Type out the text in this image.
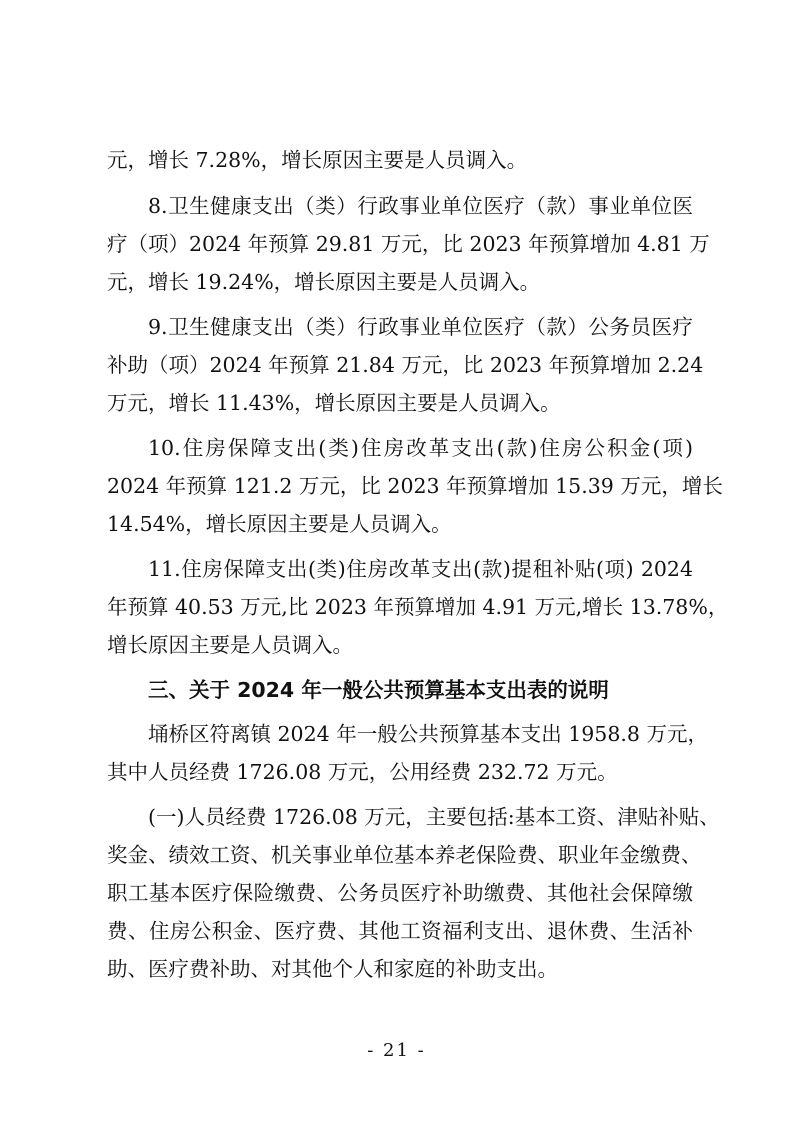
元，增长 7.28%，增长原因主要是人员调入。
8.卫生健康支出（类）行政事业单位医疗（款）事业单位医
疗（项）2024 年预算 29.81 万元，比 2023 年预算增加 4.81 万
元，增长 19.24%，增长原因主要是人员调入。
9.卫生健康支出（类）行政事业单位医疗（款）公务员医疗
补助（项）2024 年预算 21.84 万元，比 2023 年预算增加 2.24
万元，增长 11.43%，增长原因主要是人员调入。
10.住房保障支出(类)住房改革支出(款)住房公积金(项)
2024 年预算 121.2 万元，比 2023 年预算增加 15.39 万元，增长
14.54%，增长原因主要是人员调入。
11.住房保障支出(类)住房改革支出(款)提租补贴(项) 2024
年预算 40.53 万元,比 2023 年预算增加 4.91 万元,增长 13.78%，
增长原因主要是人员调入。
三、关于 2024 年一般公共预算基本支出表的说明
埇桥区符离镇 2024 年一般公共预算基本支出 1958.8 万元，
其中人员经费 1726.08 万元，公用经费 232.72 万元。
(一)人员经费 1726.08 万元，主要包括:基本工资、津贴补贴、
奖金、绩效工资、机关事业单位基本养老保险费、职业年金缴费、
职工基本医疗保险缴费、公务员医疗补助缴费、其他社会保障缴
费、住房公积金、医疗费、其他工资福利支出、退休费、生活补
助、医疗费补助、对其他个人和家庭的补助支出。
- 21 -
